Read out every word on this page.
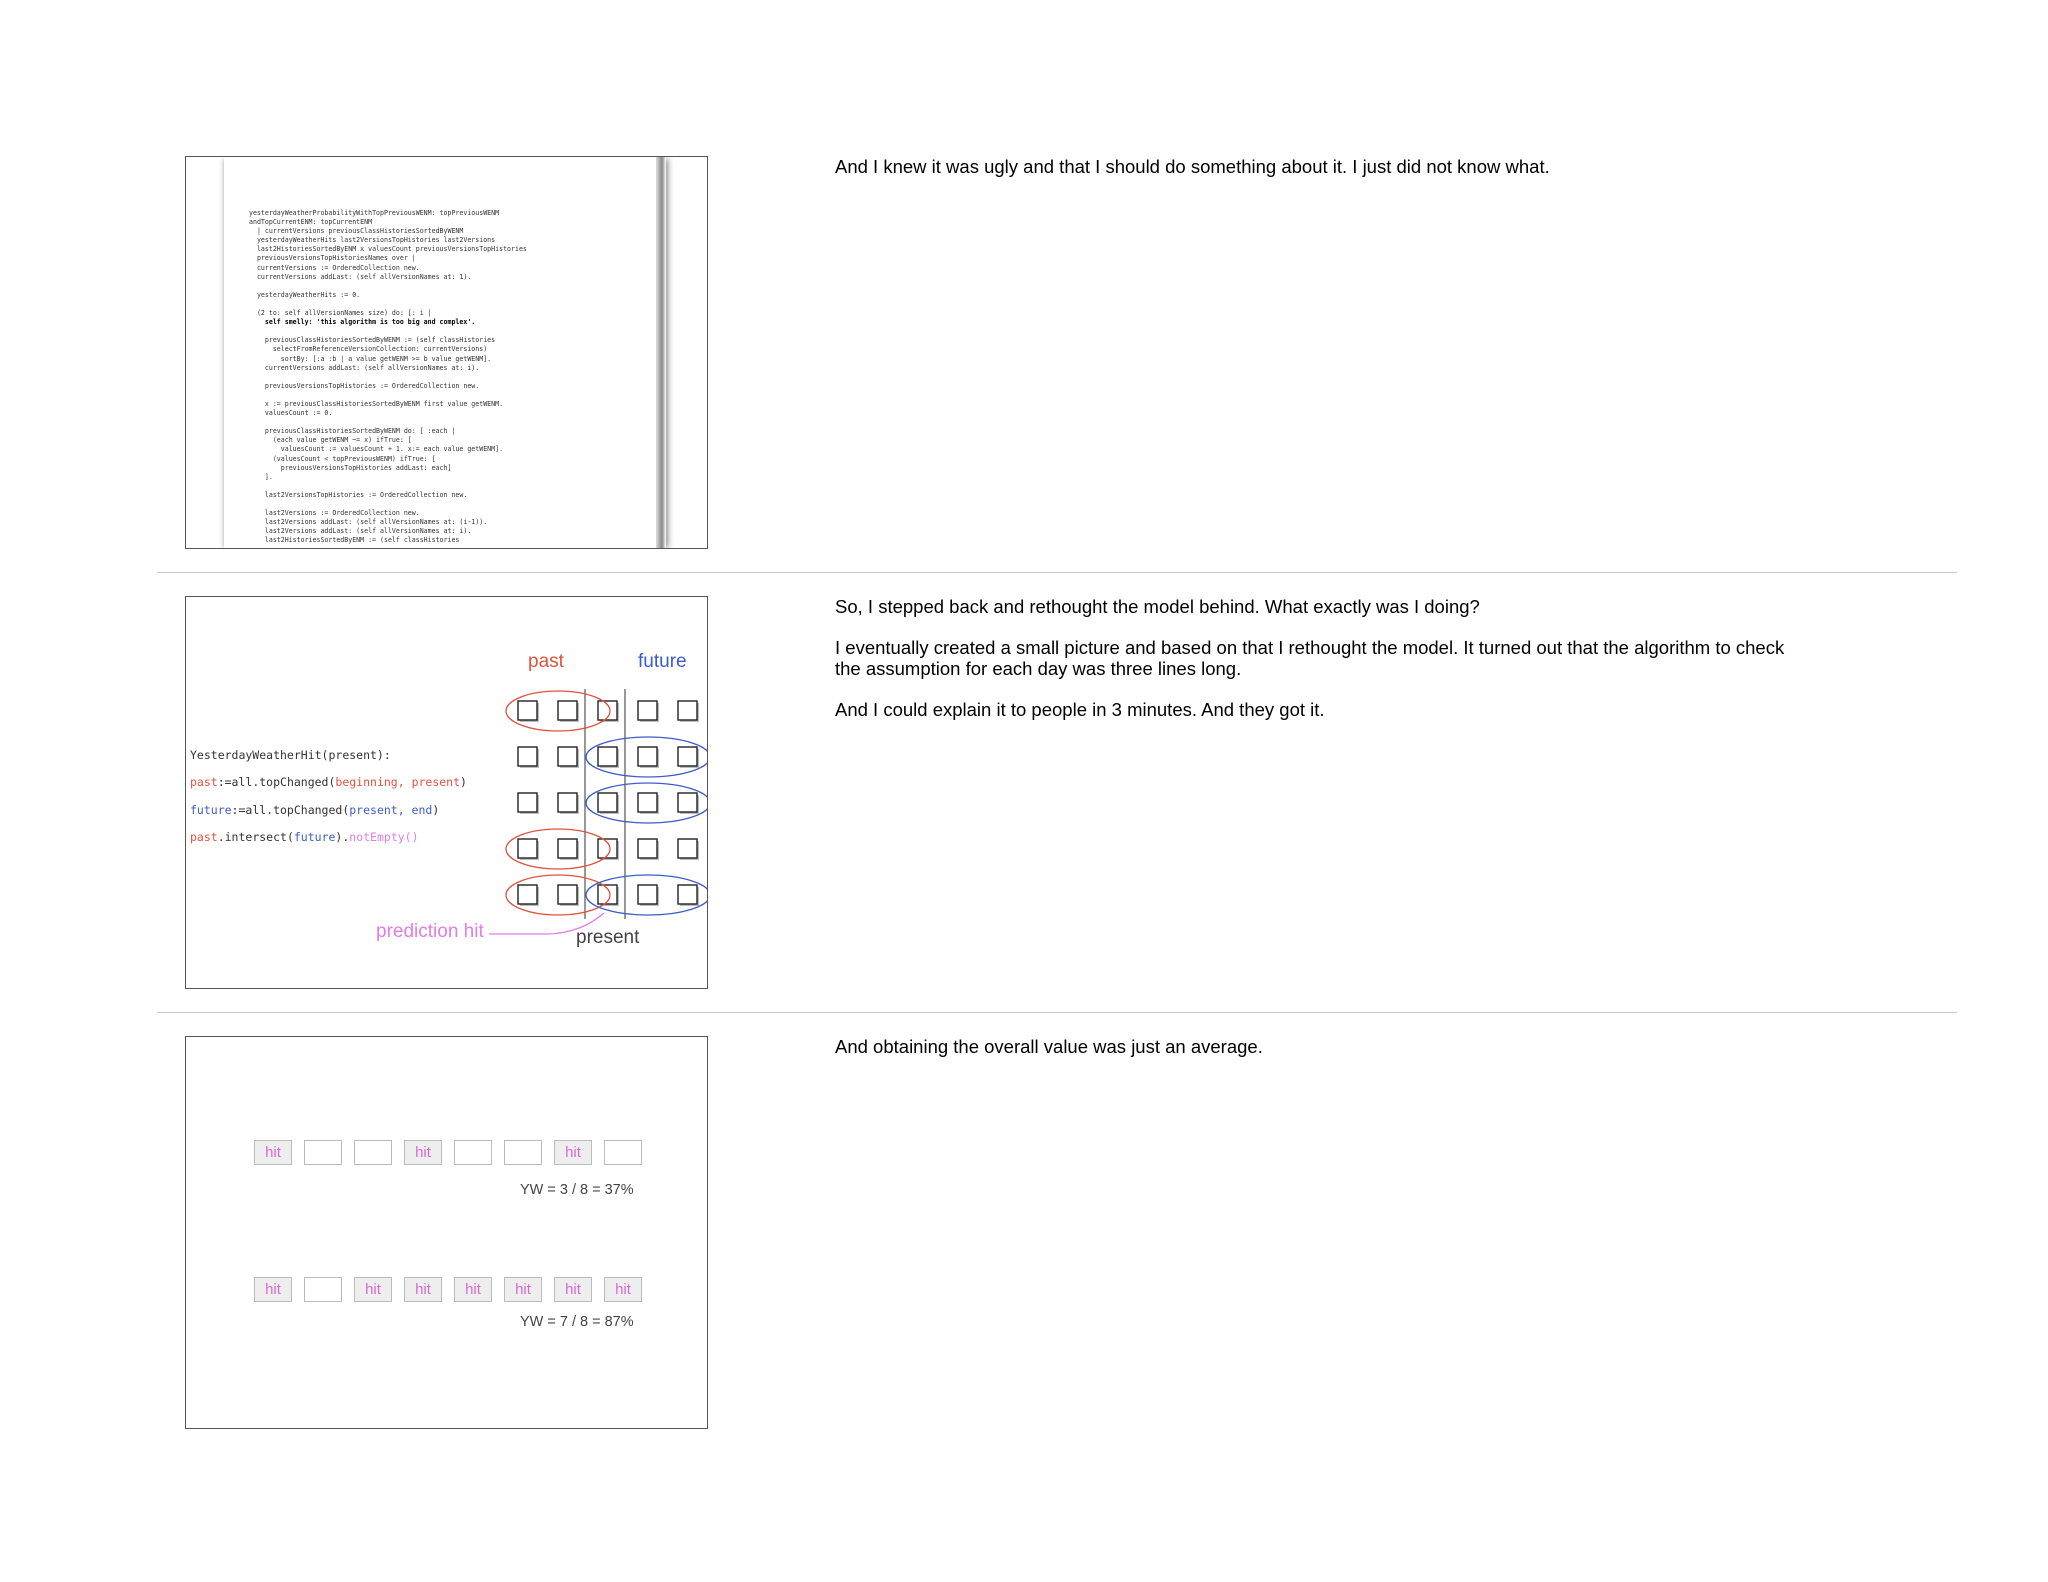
yesterdayWeatherProbabilityWithTopPreviousWENM: topPreviousWENM
andTopCurrentENM: topCurrentENM
| currentVersions previousClassHistoriesSortedByWENM
yesterdayWeatherHits last2VersionsTopHistories last2Versions
last2HistoriesSortedByENM x valuesCount previousVersionsTopHistories
previousVersionsTopHistoriesNames over |
currentVersions := OrderedCollection new.
currentVersions addLast: (self allVersionNames at: 1).

yesterdayWeatherHits := 0.

(2 to: self allVersionNames size) do: [: i |
self smelly: 'this algorithm is too big and complex'.

previousClassHistoriesSortedByWENM := (self classHistories
selectFromReferenceVersionCollection: currentVersions)
sortBy: [:a :b | a value getWENM >= b value getWENM].
currentVersions addLast: (self allVersionNames at: i).

previousVersionsTopHistories := OrderedCollection new.

x := previousClassHistoriesSortedByWENM first value getWENM.
valuesCount := 0.

previousClassHistoriesSortedByWENM do: [ :each |
(each value getWENM ~= x) ifTrue: [
valuesCount := valuesCount + 1. x:= each value getWENM].
(valuesCount < topPreviousWENM) ifTrue: [
previousVersionsTopHistories addLast: each]
].

last2VersionsTopHistories := OrderedCollection new.

last2Versions := OrderedCollection new.
last2Versions addLast: (self allVersionNames at: (i-1)).
last2Versions addLast: (self allVersionNames at: i).
last2HistoriesSortedByENM := (self classHistories

And I knew it was ugly and that I should do something about it. I just did not know what.

past	future
prediction hit	present
YesterdayWeatherHit(present):
past:=all.topChanged(beginning, present)
future:=all.topChanged(present, end)
past.intersect(future).notEmpty()

So, I stepped back and rethought the model behind. What exactly was I doing?

I eventually created a small picture and based on that I rethought the model. It turned out that the algorithm to check the assumption for each day was three lines long.

And I could explain it to people in 3 minutes. And they got it.

hit	hit	hit
YW = 3 / 8 = 37%
hit	hit	hit	hit	hit	hit	hit
YW = 7 / 8 = 87%

And obtaining the overall value was just an average.
